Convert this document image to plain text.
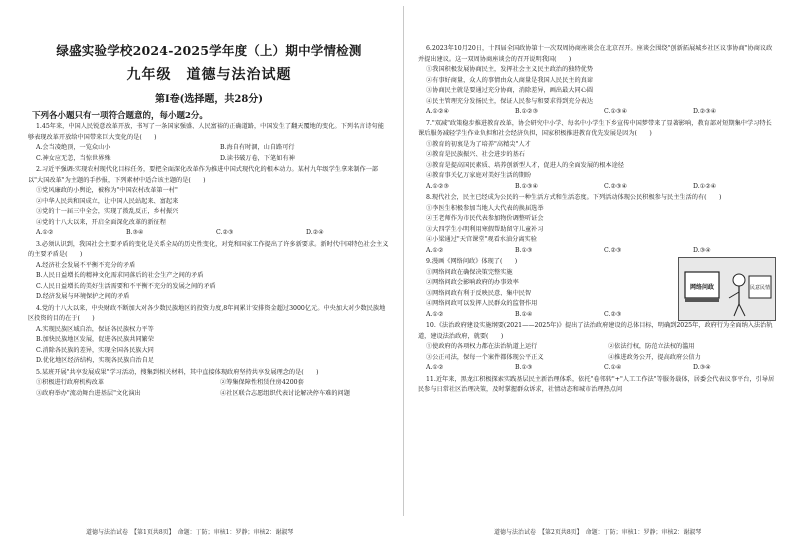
绿盛实验学校2024-2025学年度（上）期中学情检测
九年级　道德与法治试题
第Ⅰ卷(选择题，共28分)
下列各小题只有一项符合题意的，每小题2分。

1.45年来，中国人民锐意改革开放，书写了一条国家强盛、人民富裕的正确道路，中国发生了翻天覆地的变化。下列名言诗句能够表现改革开放给中国带来巨大变化的是(　　)

A.会当凌绝顶，一览众山小	B.海自有时涸，山自路可行
C.神女应无恙，当惊世界殊	D.读书破万卷，下笔如有神

2.习近平强调:实现农村现代化目标任务，要把全面深化改革作为推进中国式现代化的根本动力。某村九年级学生拿来制作一部以"大国改革"为主题的手抄报，下列素材中适合该主题的是(　　)

①党风廉政的小舆论，被称为"中国农村改革第一村"
②中华人民共和国成立，让中国人民站起来、富起来
③党的十一届三中全会，实现了拨乱反正，乡村振兴
④党的十八大以来，开启全面深化改革的新征程
A.①②	B.③④	C.②③	D.②④

3.必须认识到，我国社会主要矛盾的变化是关系全局的历史性变化，对党和国家工作提出了许多新要求。新时代中国特色社会主义的主要矛盾是(　　)

A.经济社会发展不平衡不充分的矛盾
B.人民日益增长的精神文化需求同落后的社会生产之间的矛盾
C.人民日益增长的美好生活需要和不平衡不充分的发展之间的矛盾
D.经济发展与环境保护之间的矛盾

4.党的十八大以来，中央财政不断加大对各少数民族地区的投资力度,8年间累计安排资金超过3000亿元。中央加大对少数民族地区投资的目的在于(　　)

A.实现民族区域自治，保证各民族权力平等
B.加快民族地区发展，促进各民族共同繁荣
C.消除各民族的差异，实现全国各民族大同
D.优化地区经济结构，实现各民族自治自足

5.某班开展"共享发展成果"学习活动，搜集到相关材料，其中直接体现政府坚持共享发展理念的是(　　)

①积极进行政府机构改革	②筹集保障性租赁住房4200套
③政府举办"流动舞台进基层"文化演出	④社区联合志愿组织代表讨论解决停车难的问题

6.2023年10月20日，十四届全国政协第十一次双周协商座谈会在北京召开。座谈会围绕"创新拓展城乡社区议事协商"协商议政并提出建议。这一双周协商座谈会的召开说明我国(　　)

①我国积极发展协商民主，发挥社会主义民主政治的独特优势
②有事好商量，众人的事情由众人商量是我国人民民主的真谛
③协商民主就是要通过充分协商，消除差异，画出最大同心圆
④民主管理充分发扬民主，保证人民参与和要求得到充分表达
A.①②④	B.①②③	C.①③④	D.②③④

7."双减"政策稳步推进教育改革，协会研究中小学、每名中小学生下乡宣传中国梦带来了显著影响，教育部对短期集中学习特长课后服务减轻学生作业负担和社会经济负担，国家积极推进教育优先发展是因为(　　)

①教育的初衷是为了培养"高精尖"人才
②教育是民族振兴、社会进步的基石
③教育是提高国民素质、培养创新型人才，促进人的全面发展的根本途径
④教育事关亿万家庭对美好生活的期盼
A.①②③	B.①③④	C.②③④	D.①②④

8.现代社会，民主已经成为公民的一种生活方式和生活态度。下列活动体现公民积极参与民主生活的有(　　)

①李医生积极参加当地人大代表的换届选举
②王老师作为市民代表参加物价调整听证会
③大四学生小明利用寒假帮助留守儿童补习
④小梁通过"天宫课堂"观看水油分离实验
A.①②	B.①③	C.②③	D.③④

9.漫画《网络问政》体现了(　　)

①网络问政在确保决策完整实施
②网络问政会影响政府的办事效率
③网络问政有利于反映民意、集中民智
④网络问政可以发挥人民群众的监督作用
A.①②	B.①④	C.②③
网络问政	民意民情

10.《法治政府建设实施纲要(2021——2025年)》提出了法治政府建设的总体目标，明确到2025年，政府行为全面纳入法治轨道，建设法治政府，就要(　　)

①使政府的各项权力都在法治轨道上运行	②依法行权，防范立法权的滥用
③公正司法，保每一个案件都体现公平正义	④推进政务公开，提高政府公信力
A.①②	B.①③	C.①④	D.③④

11.近年来，黑龙江积极探索实践基层民主新治理体系，依托"卷邻转"+"人工工作法"等服务载体，居委会代表议事平台，引导居民参与日常社区治理决策，及时掌握群众诉求，社情动态和城市治理热点问

道德与法治试卷　【第1页共8页】　命题：丁防；审核1：罗静；审核2：谢淑琴	道德与法治试卷　【第2页共8页】　命题：丁防；审核1：罗静；审核2：谢淑琴
